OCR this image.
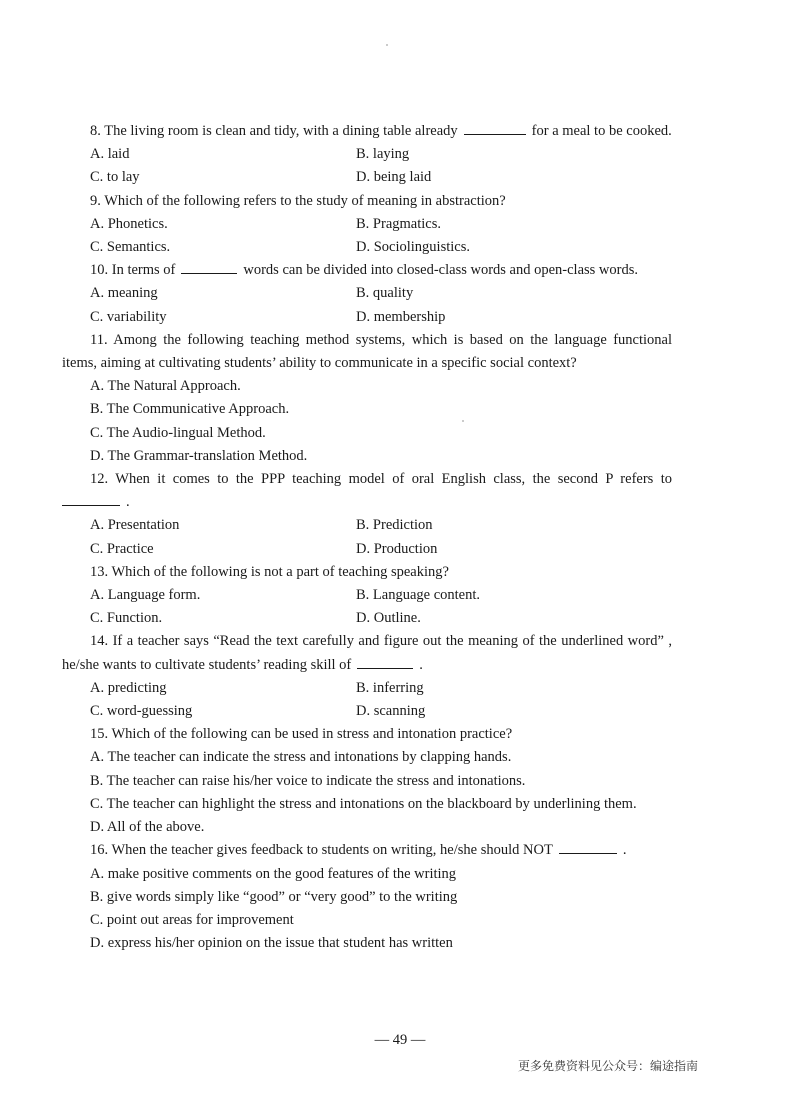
8. The living room is clean and tidy, with a dining table already	for a meal to be cooked.

A. laid	B. laying

C. to lay	D. being laid

9. Which of the following refers to the study of meaning in abstraction?

A. Phonetics.	B. Pragmatics.

C. Semantics.	D. Sociolinguistics.

10. In terms of	words can be divided into closed-class words and open-class words.

A. meaning	B. quality

C. variability	D. membership

11. Among the following teaching method systems, which is based on the language functional items, aiming at cultivating students’ ability to communicate in a specific social context?

A. The Natural Approach.

B. The Communicative Approach.

C. The Audio-lingual Method.

D. The Grammar-translation Method.

12. When it comes to the PPP teaching model of oral English class, the second P refers to .

A. Presentation	B. Prediction

C. Practice	D. Production

13. Which of the following is not a part of teaching speaking?

A. Language form.	B. Language content.

C. Function.	D. Outline.

14. If a teacher says “Read the text carefully and figure out the meaning of the underlined word” , he/she wants to cultivate students’ reading skill of	.

A. predicting	B. inferring

C. word-guessing	D. scanning

15. Which of the following can be used in stress and intonation practice?

A. The teacher can indicate the stress and intonations by clapping hands.

B. The teacher can raise his/her voice to indicate the stress and intonations.

C. The teacher can highlight the stress and intonations on the blackboard by underlining them.

D. All of the above.

16. When the teacher gives feedback to students on writing, he/she should NOT	.

A. make positive comments on the good features of the writing

B. give words simply like “good” or “very good” to the writing

C. point out areas for improvement

D. express his/her opinion on the issue that student has written

— 49 —
更多免费资料见公众号：编途指南
